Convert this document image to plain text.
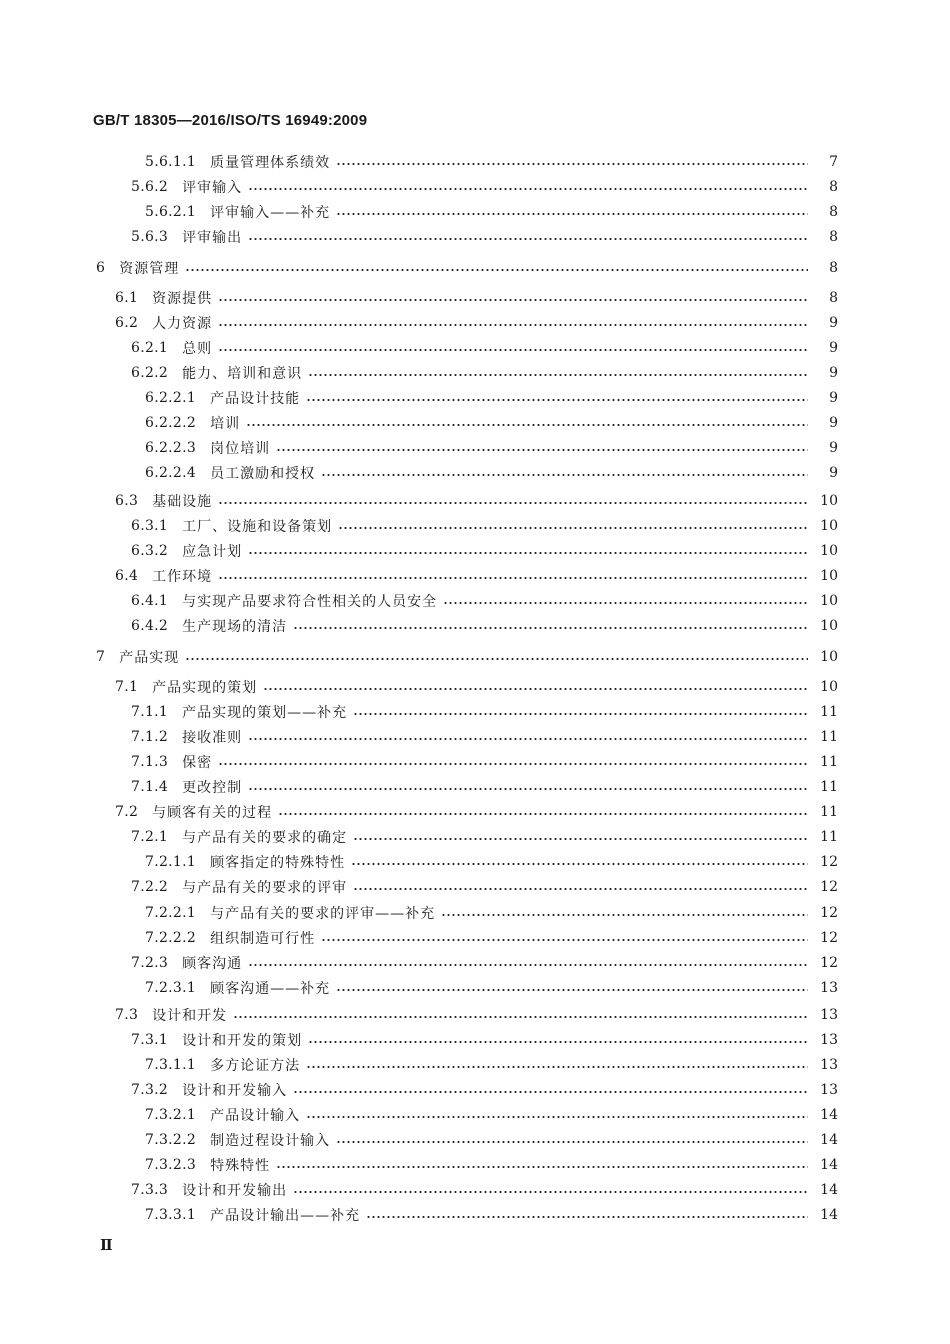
GB/T 18305—2016/ISO/TS 16949:2009
5.6.1.1 质量管理体系绩效	7
5.6.2 评审输入	8
5.6.2.1 评审输入——补充	8
5.6.3 评审输出	8
6 资源管理	8
6.1 资源提供	8
6.2 人力资源	9
6.2.1 总则	9
6.2.2 能力、培训和意识	9
6.2.2.1 产品设计技能	9
6.2.2.2 培训	9
6.2.2.3 岗位培训	9
6.2.2.4 员工激励和授权	9
6.3 基础设施	10
6.3.1 工厂、设施和设备策划	10
6.3.2 应急计划	10
6.4 工作环境	10
6.4.1 与实现产品要求符合性相关的人员安全	10
6.4.2 生产现场的清洁	10
7 产品实现	10
7.1 产品实现的策划	10
7.1.1 产品实现的策划——补充	11
7.1.2 接收准则	11
7.1.3 保密	11
7.1.4 更改控制	11
7.2 与顾客有关的过程	11
7.2.1 与产品有关的要求的确定	11
7.2.1.1 顾客指定的特殊特性	12
7.2.2 与产品有关的要求的评审	12
7.2.2.1 与产品有关的要求的评审——补充	12
7.2.2.2 组织制造可行性	12
7.2.3 顾客沟通	12
7.2.3.1 顾客沟通——补充	13
7.3 设计和开发	13
7.3.1 设计和开发的策划	13
7.3.1.1 多方论证方法	13
7.3.2 设计和开发输入	13
7.3.2.1 产品设计输入	14
7.3.2.2 制造过程设计输入	14
7.3.2.3 特殊特性	14
7.3.3 设计和开发输出	14
7.3.3.1 产品设计输出——补充	14
Ⅱ
